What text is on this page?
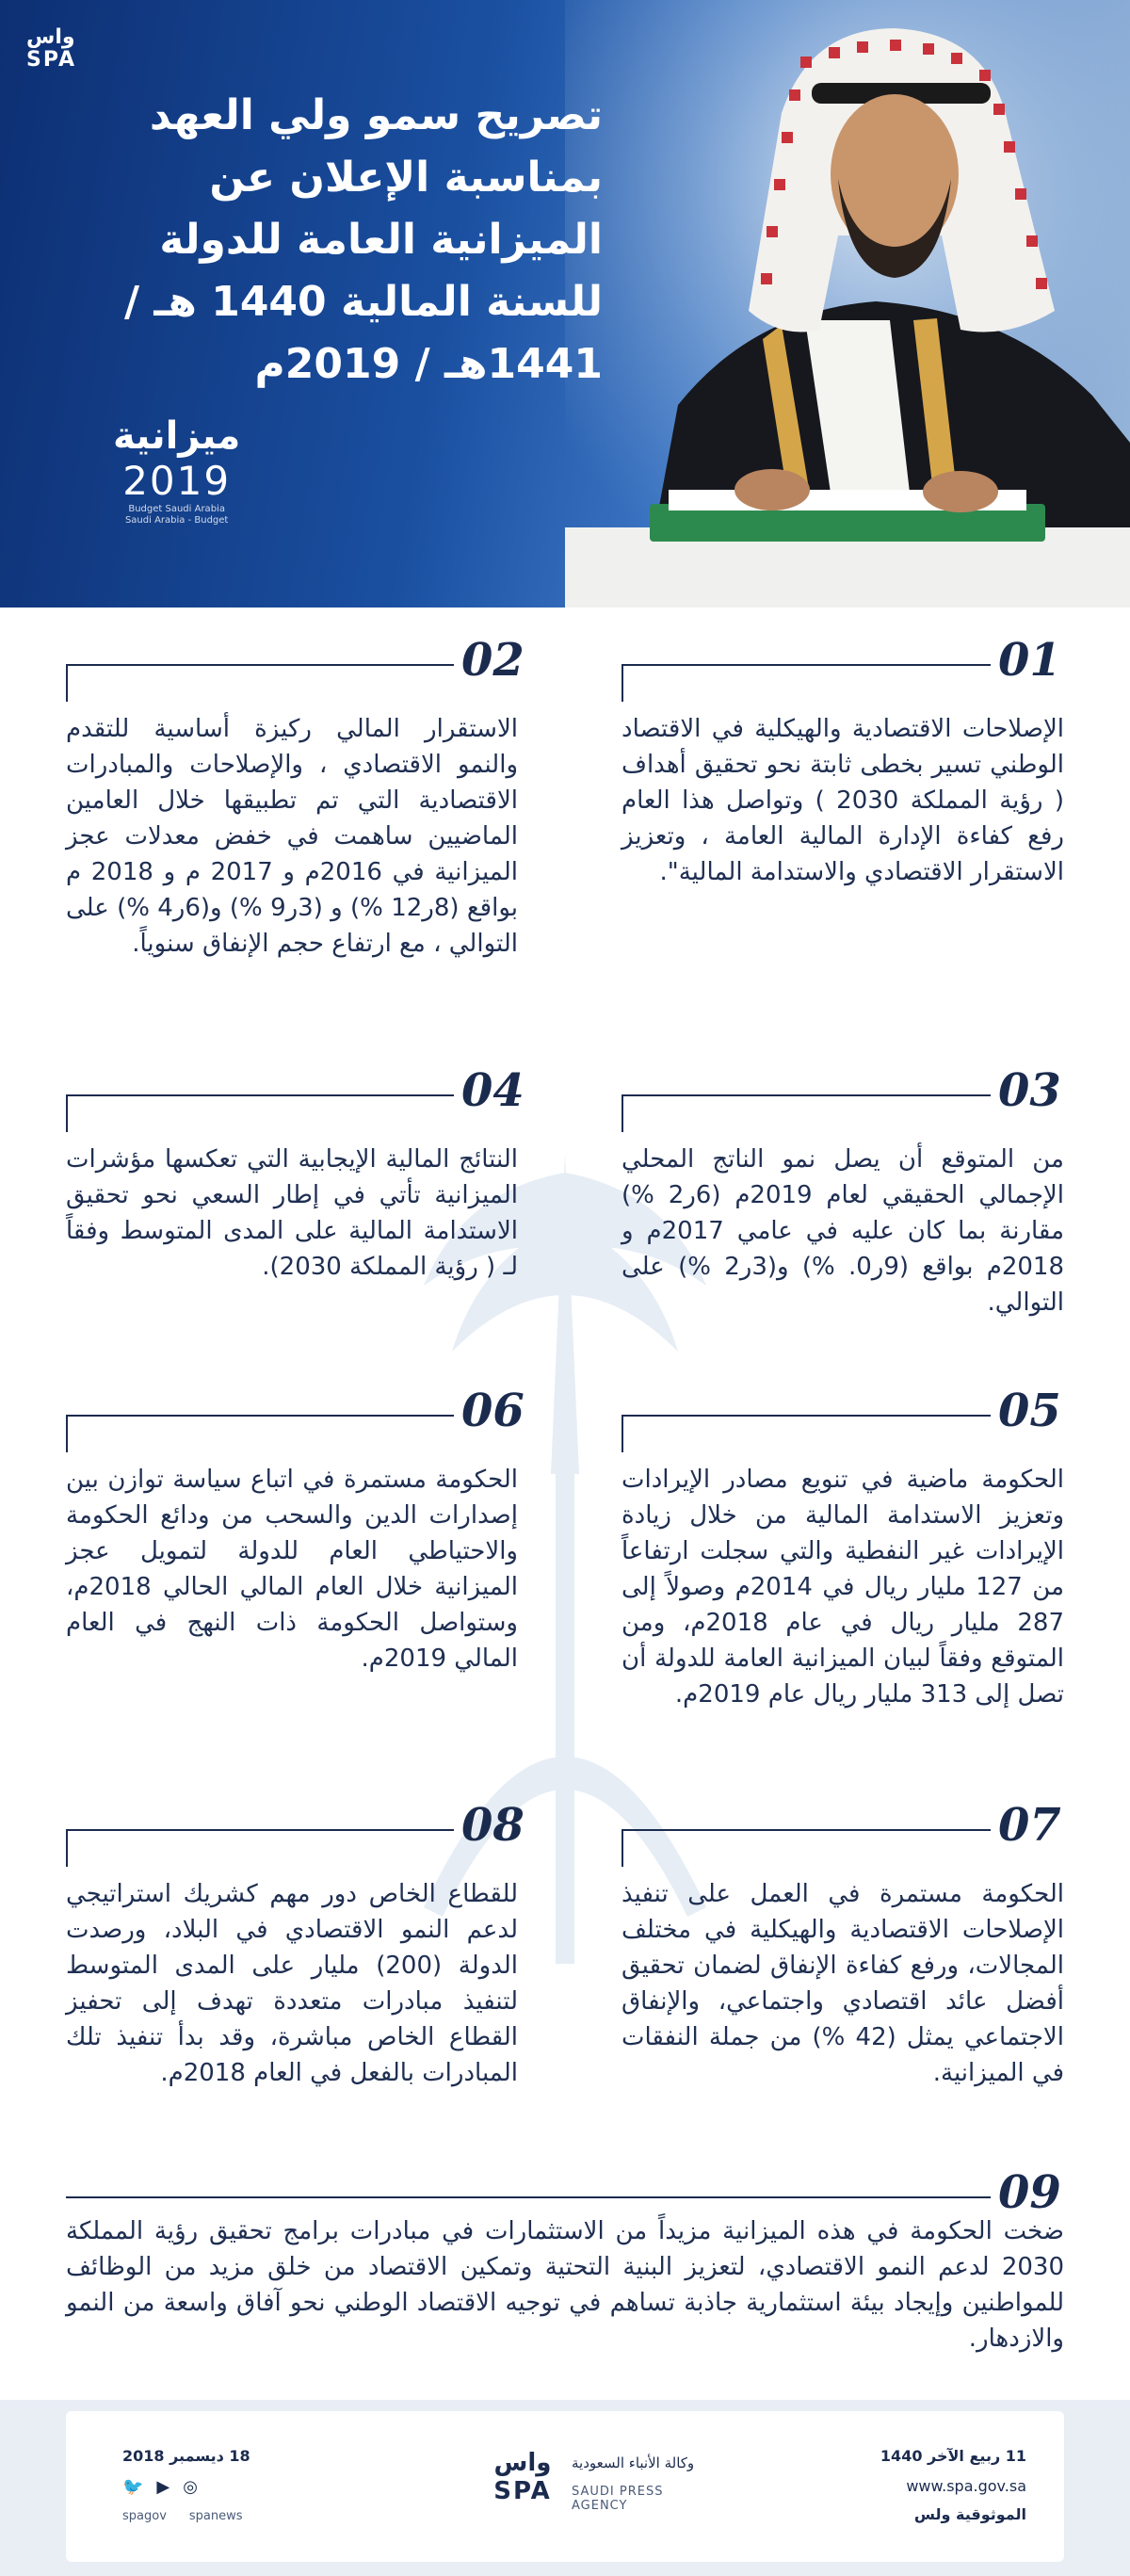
واس
SPA
تصريح سمو ولي العهد
بمناسبة الإعلان عن
الميزانية العامة للدولة
للسنة المالية 1440 هـ /
1441هـ / 2019م
ميزانية
2019
Budget Saudi Arabia
Saudi Arabia - Budget
01
الإصلاحات الاقتصادية والهيكلية في الاقتصاد الوطني تسير بخطى ثابتة نحو تحقيق أهداف ( رؤية المملكة 2030 ) وتواصل هذا العام رفع كفاءة الإدارة المالية العامة ، وتعزيز الاستقرار الاقتصادي والاستدامة المالية".
02
الاستقرار المالي ركيزة أساسية للتقدم والنمو الاقتصادي ، والإصلاحات والمبادرات الاقتصادية التي تم تطبيقها خلال العامين الماضيين ساهمت في خفض معدلات عجز الميزانية في 2016م و 2017 م و 2018 م بواقع (8ر12 %) و (3ر9 %) و(6ر4 %) على التوالي ، مع ارتفاع حجم الإنفاق سنوياً.
03
من المتوقع أن يصل نمو الناتج المحلي الإجمالي الحقيقي لعام 2019م (6ر2 %) مقارنة بما كان عليه في عامي 2017م و 2018م بواقع (9ر0. %) و(3ر2 %) على التوالي.
04
النتائج المالية الإيجابية التي تعكسها مؤشرات الميزانية تأتي في إطار السعي نحو تحقيق الاستدامة المالية على المدى المتوسط وفقاً لـ ( رؤية المملكة 2030).
05
الحكومة ماضية في تنويع مصادر الإيرادات وتعزيز الاستدامة المالية من خلال زيادة الإيرادات غير النفطية والتي سجلت ارتفاعاً من 127 مليار ريال في 2014م وصولاً إلى 287 مليار ريال في عام 2018م، ومن المتوقع وفقاً لبيان الميزانية العامة للدولة أن تصل إلى 313 مليار ريال عام 2019م.
06
الحكومة مستمرة في اتباع سياسة توازن بين إصدارات الدين والسحب من ودائع الحكومة والاحتياطي العام للدولة لتمويل عجز الميزانية خلال العام المالي الحالي 2018م، وستواصل الحكومة ذات النهج في العام المالي 2019م.
07
الحكومة مستمرة في العمل على تنفيذ الإصلاحات الاقتصادية والهيكلية في مختلف المجالات، ورفع كفاءة الإنفاق لضمان تحقيق أفضل عائد اقتصادي واجتماعي، والإنفاق الاجتماعي يمثل (42 %) من جملة النفقات في الميزانية.
08
للقطاع الخاص دور مهم كشريك استراتيجي لدعم النمو الاقتصادي في البلاد، ورصدت الدولة (200) مليار على المدى المتوسط لتنفيذ مبادرات متعددة تهدف إلى تحفيز القطاع الخاص مباشرة، وقد بدأ تنفيذ تلك المبادرات بالفعل في العام 2018م.
09
ضخت الحكومة في هذه الميزانية مزيداً من الاستثمارات في مبادرات برامج تحقيق رؤية المملكة 2030 لدعم النمو الاقتصادي، لتعزيز البنية التحتية وتمكين الاقتصاد من خلق مزيد من الوظائف للمواطنين وإيجاد بيئة استثمارية جاذبة تساهم في توجيه الاقتصاد الوطني نحو آفاق واسعة من النمو والازدهار.
11 ربيع الآخر 1440
www.spa.gov.sa
الموثوقية ولس
واس
SPA
وكالة الأنباء السعودية
SAUDI PRESS AGENCY
18 ديسمبر 2018
🐦 ▶ ◎
spagov spanews
